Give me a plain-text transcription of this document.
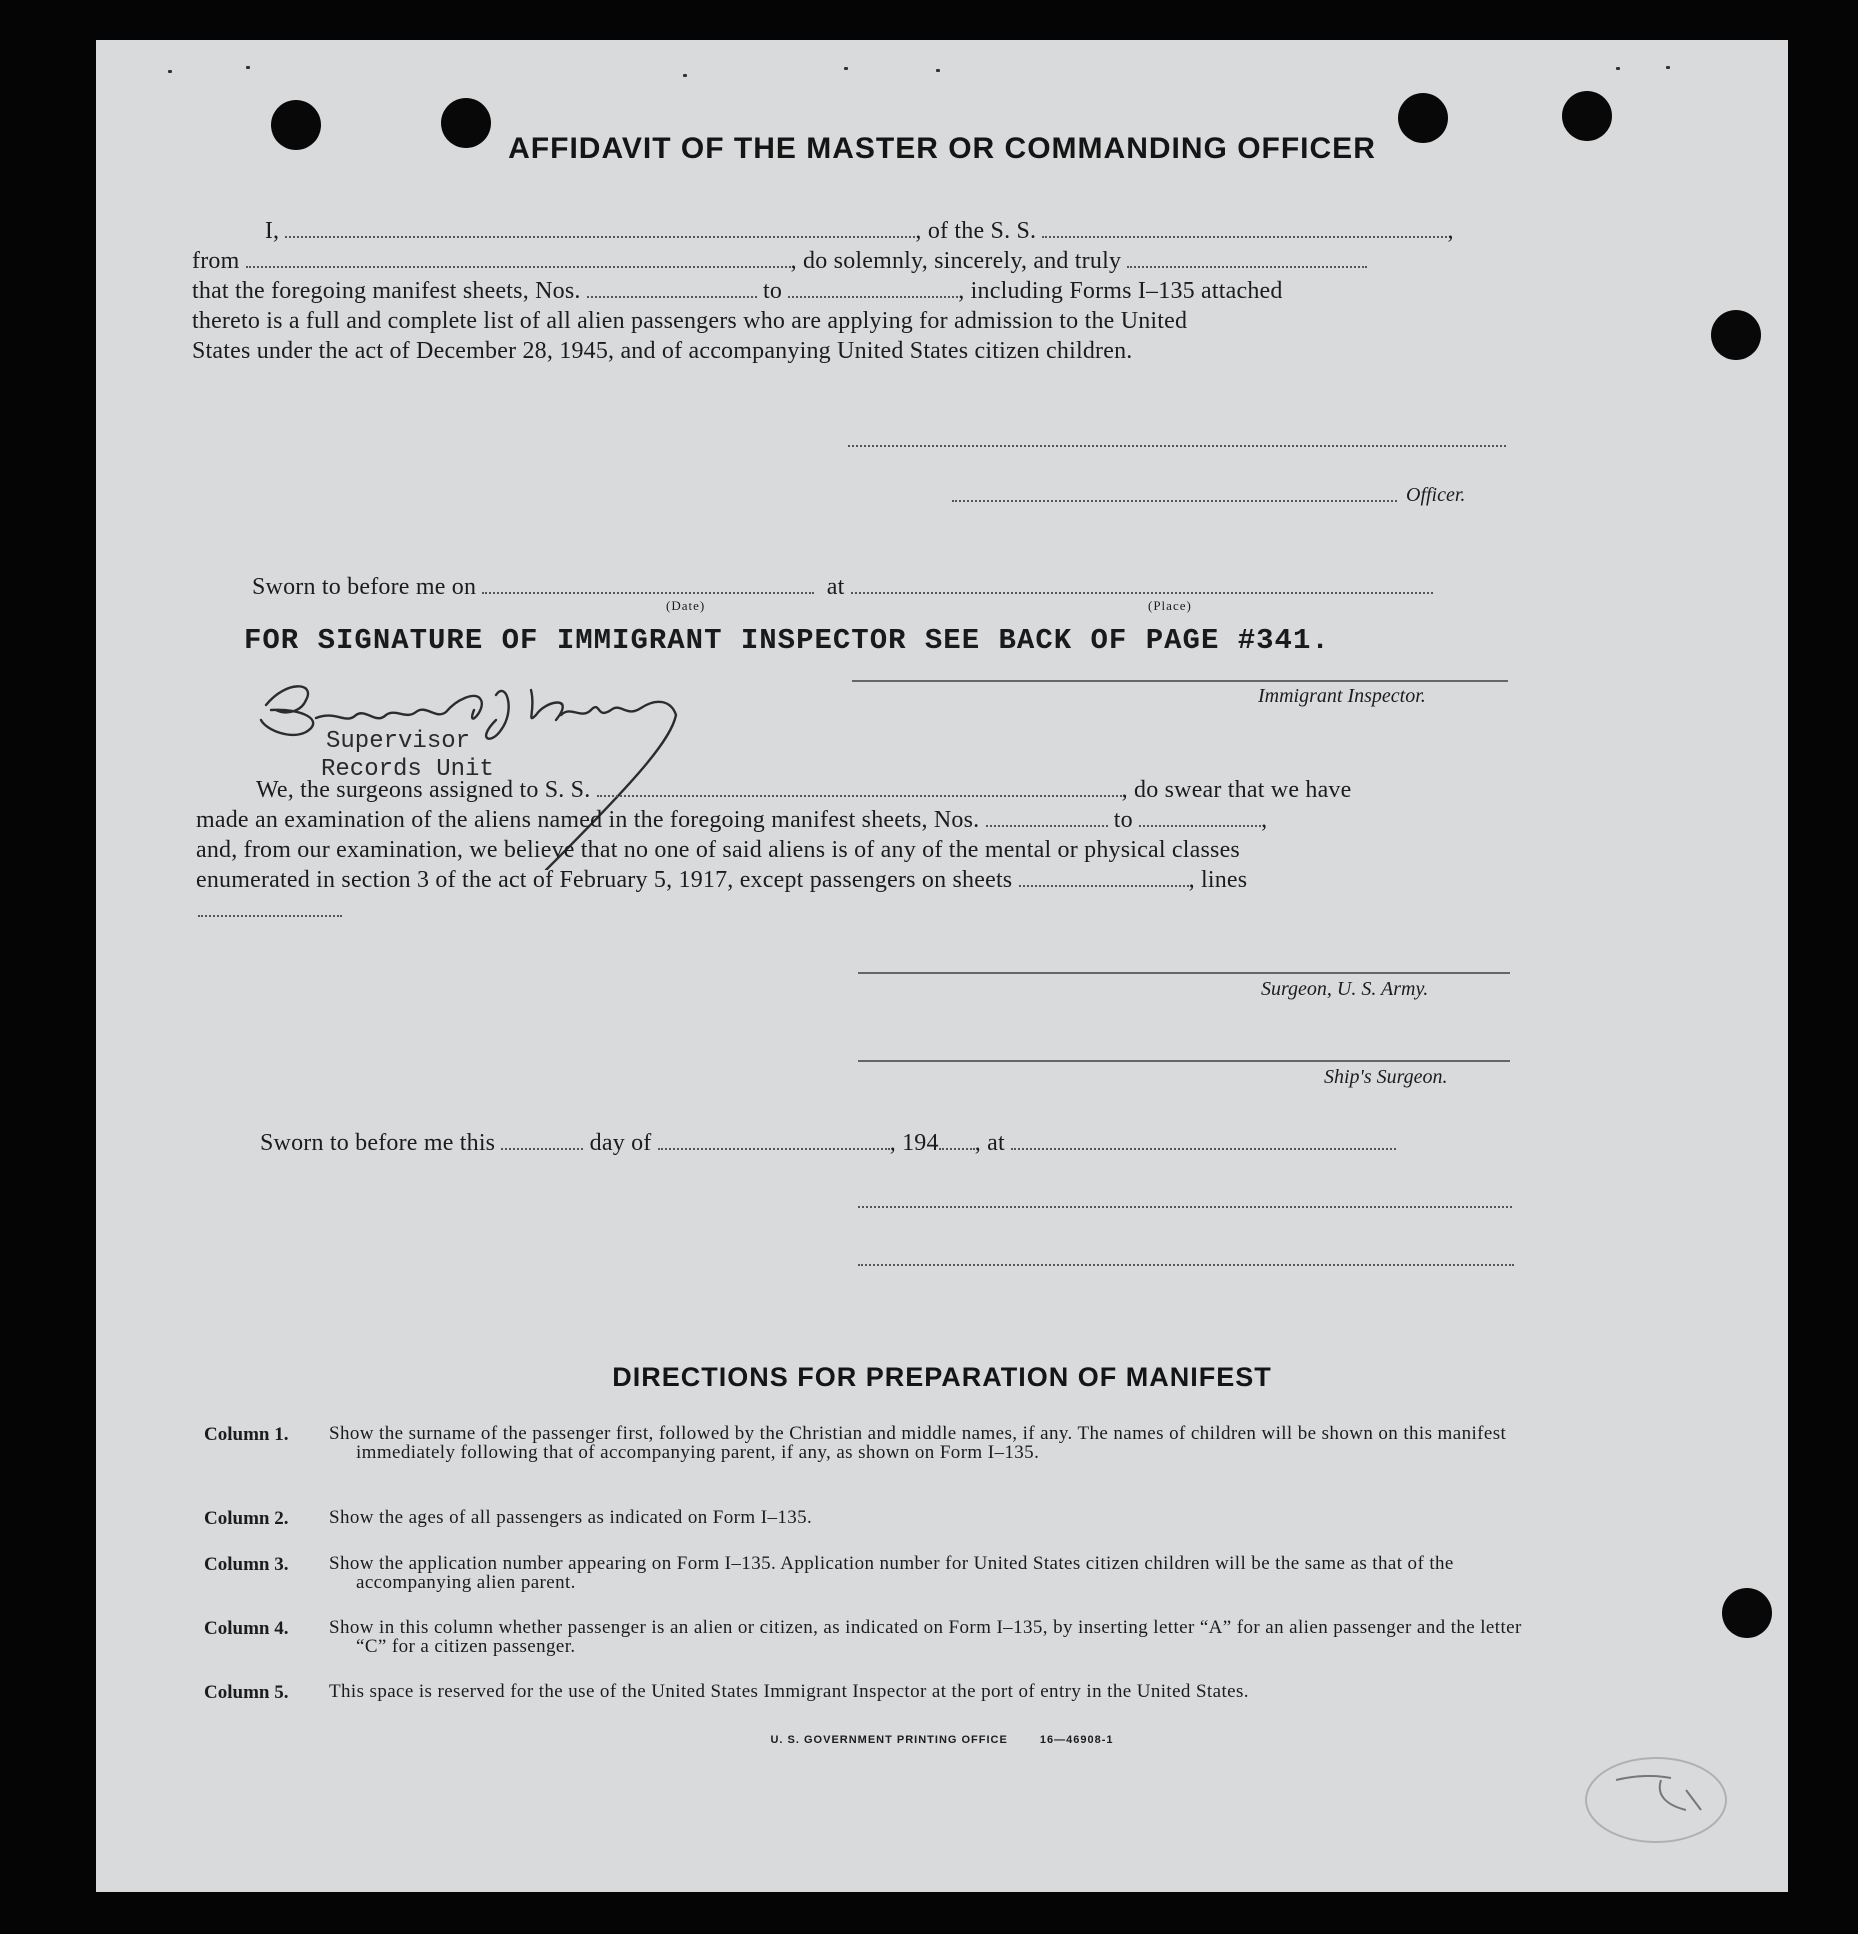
AFFIDAVIT OF THE MASTER OR COMMANDING OFFICER
I,	, of the S. S.	,
from	, do solemnly, sincerely, and truly
that the foregoing manifest sheets, Nos.	to	, including Forms I–135 attached
thereto is a full and complete list of all alien passengers who are applying for admission to the United
States under the act of December 28, 1945, and of accompanying United States citizen children.
Officer.
Sworn to before me on	at
(Date)	(Place)
FOR SIGNATURE OF IMMIGRANT INSPECTOR SEE BACK OF PAGE #341.
Immigrant Inspector.
Supervisor
Records Unit
We, the surgeons assigned to S. S.	, do swear that we have
made an examination of the aliens named in the foregoing manifest sheets, Nos.	to	,
and, from our examination, we believe that no one of said aliens is of any of the mental or physical classes
enumerated in section 3 of the act of February 5, 1917, except passengers on sheets	, lines
Surgeon, U. S. Army.
Ship's Surgeon.
Sworn to before me this	day of	, 194 , at
DIRECTIONS FOR PREPARATION OF MANIFEST
Column 1. Show the surname of the passenger first, followed by the Christian and middle names, if any. The names of children will be shown on this manifest immediately following that of accompanying parent, if any, as shown on Form I–135.
Column 2. Show the ages of all passengers as indicated on Form I–135.
Column 3. Show the application number appearing on Form I–135. Application number for United States citizen children will be the same as that of the accompanying alien parent.
Column 4. Show in this column whether passenger is an alien or citizen, as indicated on Form I–135, by inserting letter “A” for an alien passenger and the letter “C” for a citizen passenger.
Column 5. This space is reserved for the use of the United States Immigrant Inspector at the port of entry in the United States.
U. S. GOVERNMENT PRINTING OFFICE	16—46908-1
